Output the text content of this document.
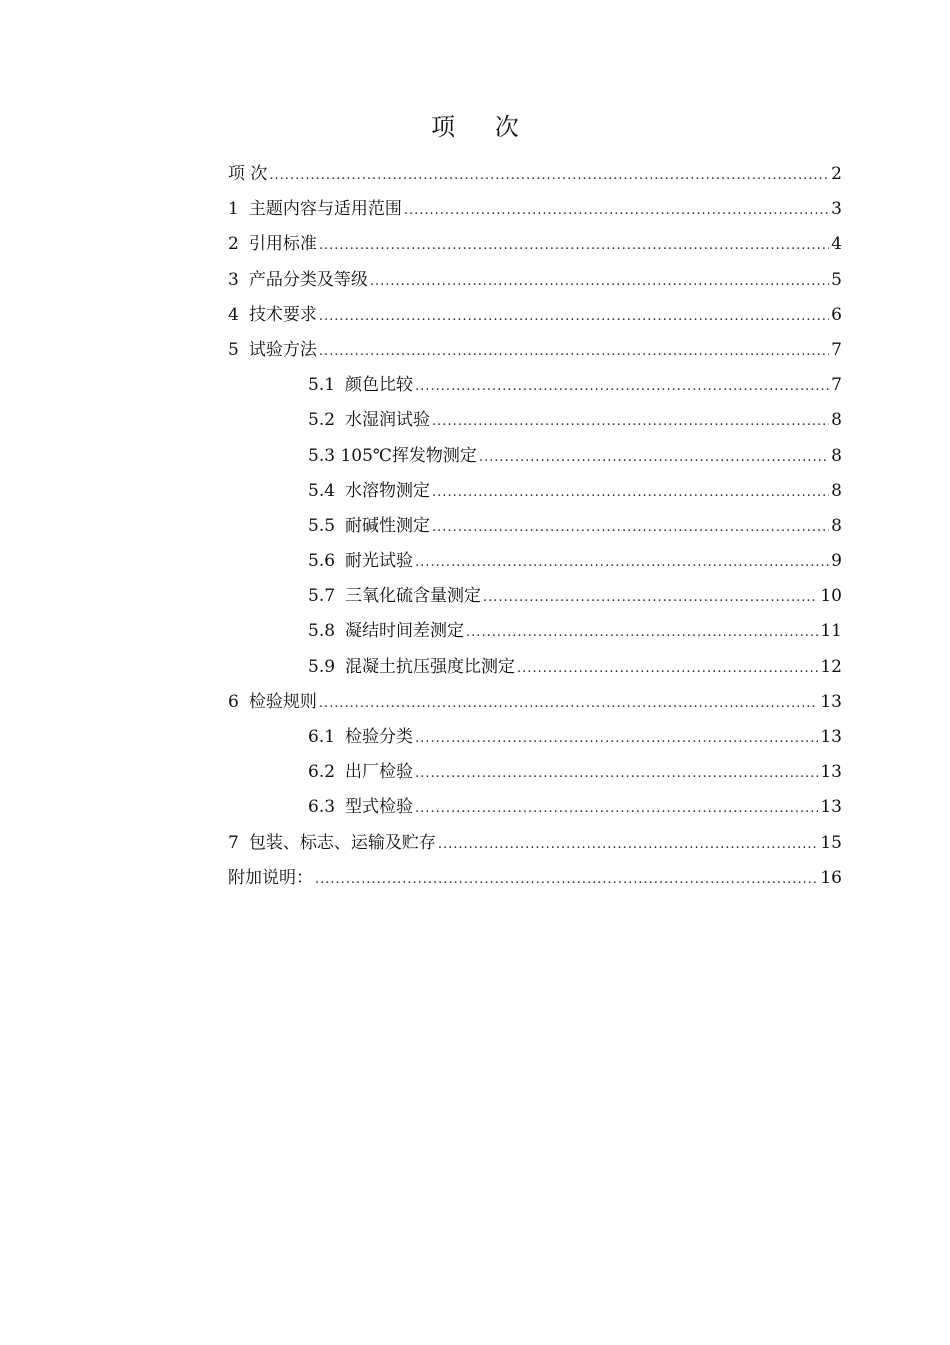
项 次
项 次 .....	2
1 主题内容与适用范围 .....	3
2 引用标准 .....	4
3 产品分类及等级 .....	5
4 技术要求 .....	6
5 试验方法 .....	7
5.1 颜色比较 .....	7
5.2 水湿润试验 .....	8
5.3 105℃挥发物测定 .....	8
5.4 水溶物测定 .....	8
5.5 耐碱性测定 .....	8
5.6 耐光试验 .....	9
5.7 三氧化硫含量测定 .....	10
5.8 凝结时间差测定 .....	11
5.9 混凝土抗压强度比测定 .....	12
6 检验规则 .....	13
6.1 检验分类 .....	13
6.2 出厂检验 .....	13
6.3 型式检验 .....	13
7 包装、标志、运输及贮存 .....	15
附加说明： .....	16
